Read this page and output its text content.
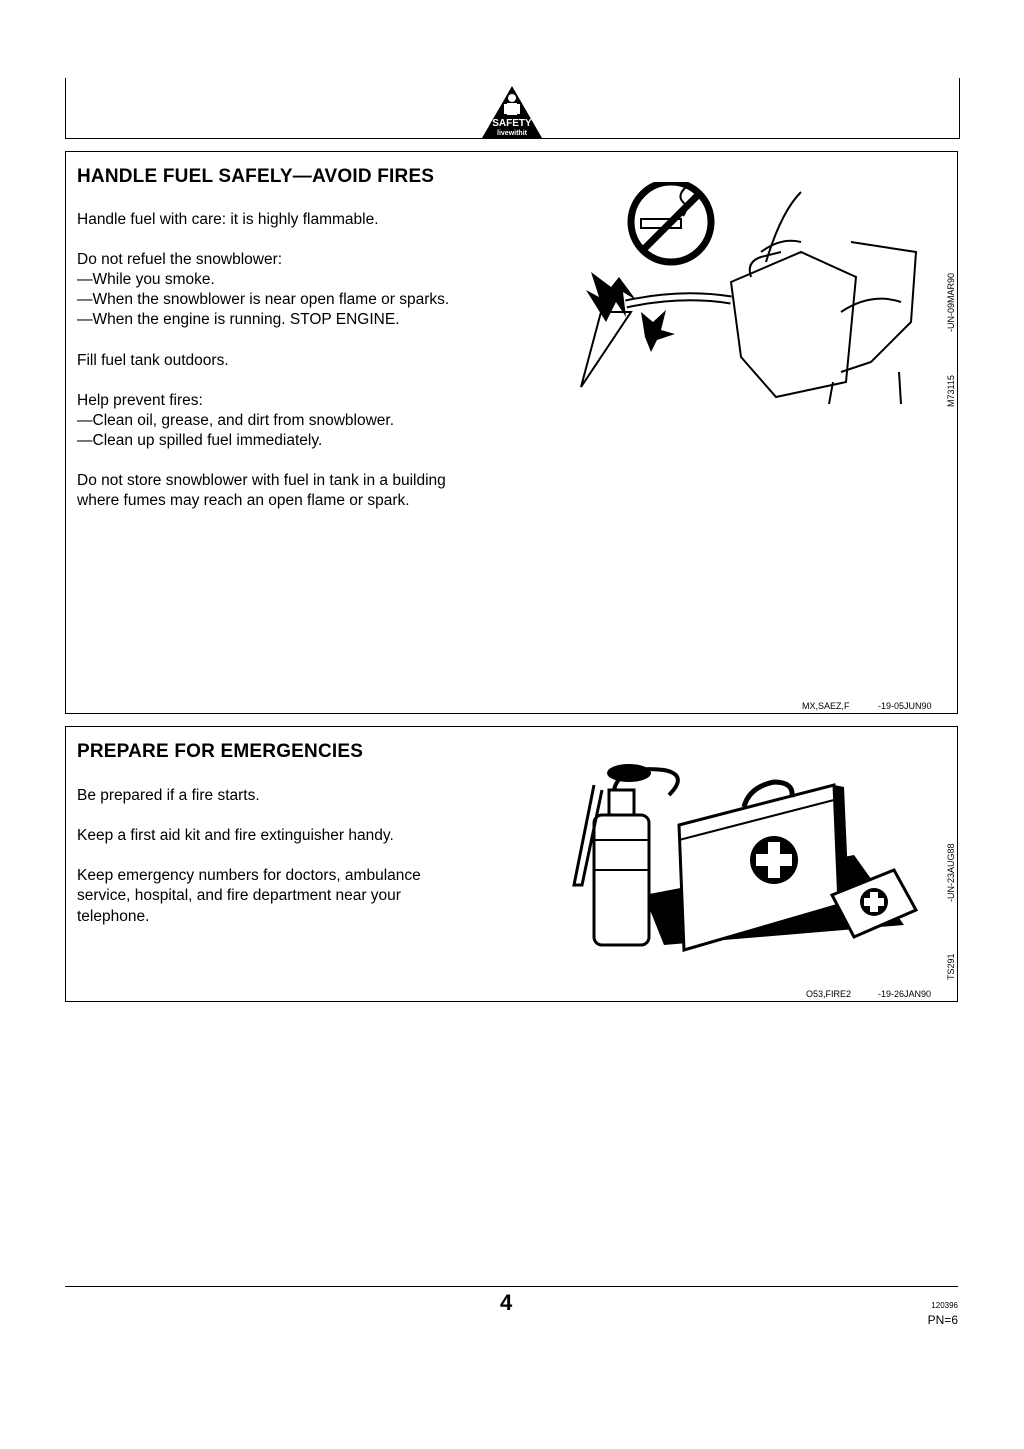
SAFETY
livewithit
HANDLE FUEL SAFELY—AVOID FIRES

Handle fuel with care: it is highly flammable.

Do not refuel the snowblower:
—While you smoke.
—When the snowblower is near open flame or sparks.
—When the engine is running. STOP ENGINE.

Fill fuel tank outdoors.

Help prevent fires:
—Clean oil, grease, and dirt from snowblower.
—Clean up spilled fuel immediately.

Do not store snowblower with fuel in tank in a building
where fumes may reach an open flame or spark.

-UN-09MAR90
M73115
MX,SAEZ,F	-19-05JUN90
PREPARE FOR EMERGENCIES

Be prepared if a fire starts.

Keep a first aid kit and fire extinguisher handy.

Keep emergency numbers for doctors, ambulance
service, hospital, and fire department near your
telephone.

-UN-23AUG88
TS291
O53,FIRE2	-19-26JAN90
4	120396
PN=6
